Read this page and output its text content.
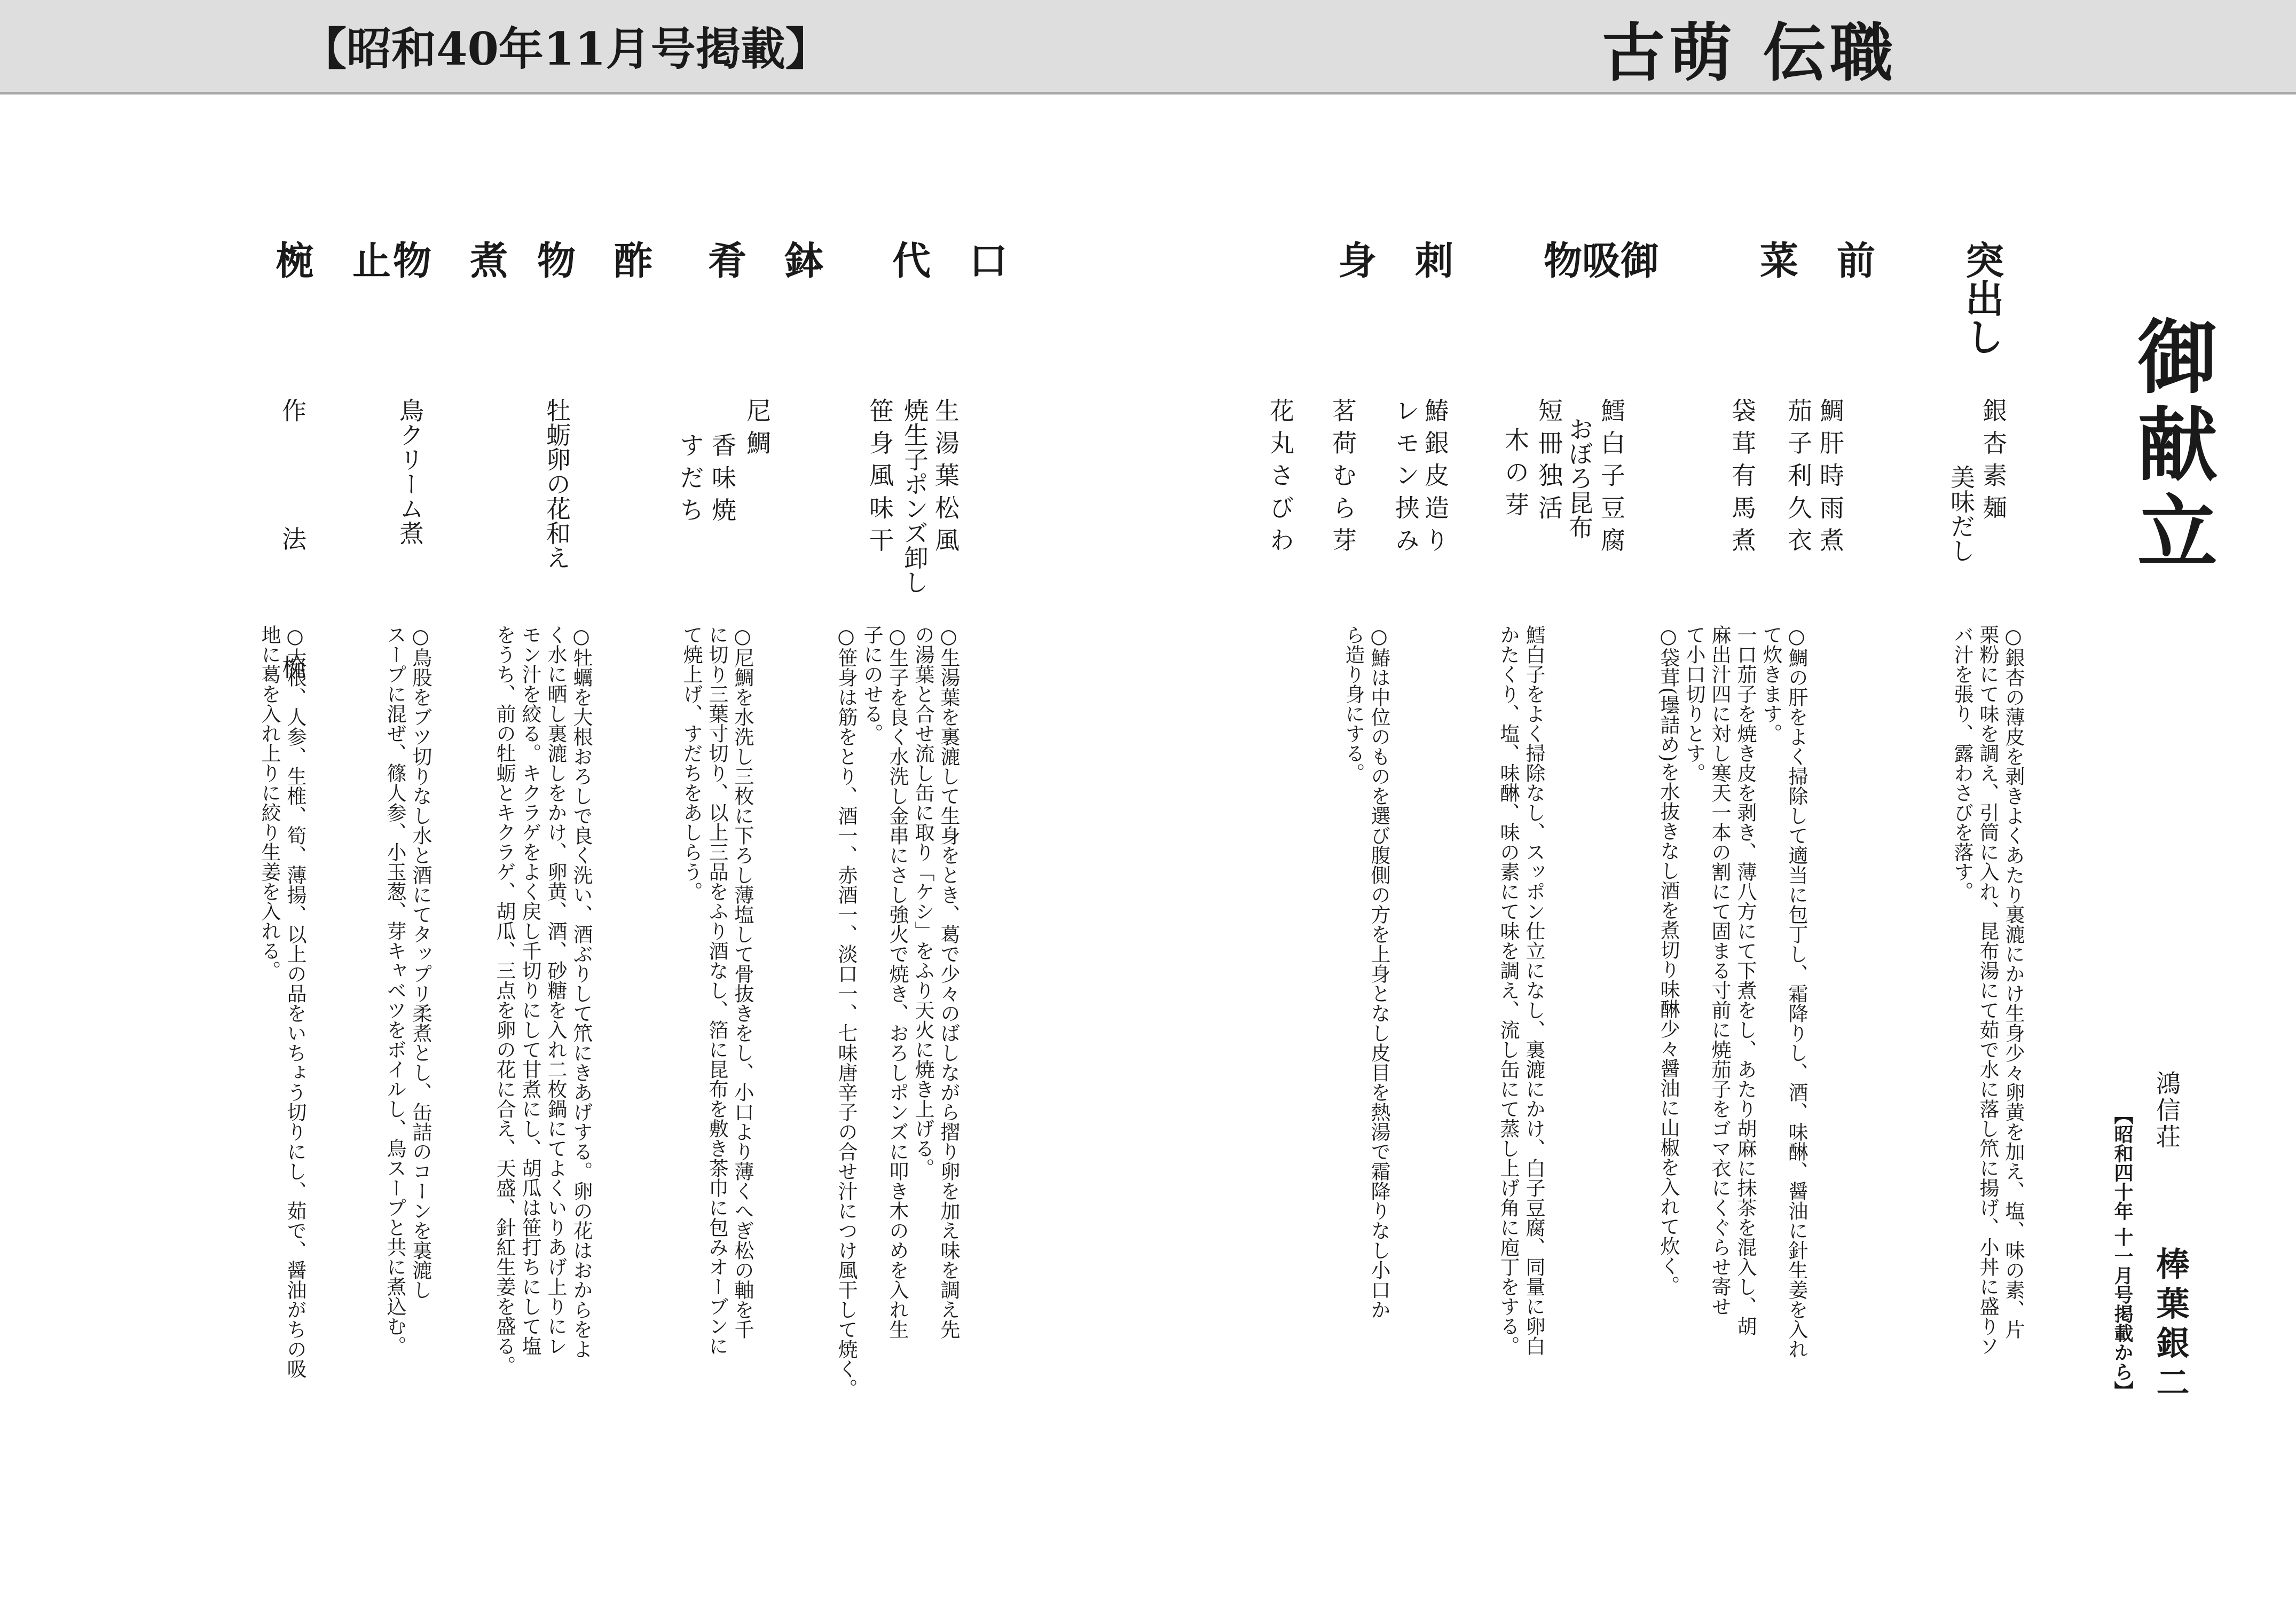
【昭和40年11月号掲載】	古萌 伝職
御献立
鴻信荘
棒葉銀二
【昭和四十年 十一月号掲載から】
突出し
銀 杏 素 麺
美味だし
○銀杏の薄皮を剥きよくあたり裏漉にかけ生身少々卵黄を加え、塩、味の素、片
栗粉にて味を調え、引筒に入れ、昆布湯にて茹で水に落し笊に揚げ、小丼に盛りソ
バ汁を張り、露わさびを落す。
前

菜
鯛 肝 時 雨 煮
茄 子 利 久 衣
袋 茸 有 馬 煮
○鯛の肝をよく掃除して適当に包丁し、霜降りし、酒、味醂、醤油に針生姜を入れ
て炊きます。
一口茄子を焼き皮を剥き、薄八方にて下煮をし、あたり胡麻に抹茶を混入し、胡
麻出汁四に対し寒天一本の割にて固まる寸前に焼茄子をゴマ衣にくぐらせ寄せ
て小口切りとす。
○袋茸(壜詰め)を水抜きなし酒を煮切り味醂少々醤油に山椒を入れて炊く。
御
吸
物
鱈 白 子 豆 腐
おぼろ昆布
短 冊 独 活
木 の 芽
鱈白子をよく掃除なし、スッポン仕立になし、裏漉にかけ、白子豆腐、同量に卵白
かたくり、塩、味醂、味の素にて味を調え、流し缶にて蒸し上げ角に庖丁をする。
刺

身
鰆 銀 皮 造 り
レ モ ン 挟 み
茗 荷 む ら 芽
花 丸 さ び わ
○鰆は中位のものを選び腹側の方を上身となし皮目を熱湯で霜降りなし小口か
ら造り身にする。
口

代
生 湯 葉 松 風
焼生子ポンズ卸し
笹 身 風 味 干
○生湯葉を裏漉して生身をとき、葛で少々のばしながら摺り卵を加え味を調え先
の湯葉と合せ流し缶に取り「ケシ」をふり天火に焼き上げる。
○生子を良く水洗し金串にさし強火で焼き、おろしポンズに叩き木のめを入れ生
子にのせる。
○笹身は筋をとり、酒一、赤酒一、淡口一、七味唐辛子の合せ汁につけ風干して焼く。
鉢

肴
尼 鯛
香 味 焼
す だ ち
○尼鯛を水洗し三枚に下ろし薄塩して骨抜きをし、小口より薄くへぎ松の軸を千
に切り三葉寸切り、以上三品をふり酒なし、箔に昆布を敷き茶巾に包みオーブンに
て焼上げ、すだちをあしらう。
酢

物
牡蛎卵の花和え
○牡蠣を大根おろしで良く洗い、酒ぶりして笊にきあげする。卵の花はおからをよ
く水に晒し裏漉しをかけ、卵黄、酒、砂糖を入れ二枚鍋にてよくいりあげ上りにレ
モン汁を絞る。キクラゲをよく戻し千切りにして甘煮にし、胡瓜は笹打ちにして塩
をうち、前の牡蛎とキクラゲ、胡瓜、三点を卵の花に合え、天盛、針紅生姜を盛る。
煮

物
鳥クリーム煮
○鳥股をブツ切りなし水と酒にてタップリ柔煮とし、缶詰のコーンを裏漉し
スープに混ぜ、篠人参、小玉葱、芽キャベツをボイルし、鳥スープと共に煮込む。
止

椀
作 法 椀
○大根、人参、生椎、筍、薄揚、以上の品をいちょう切りにし、茹で、醤油がちの吸
地に葛を入れ上りに絞り生姜を入れる。
